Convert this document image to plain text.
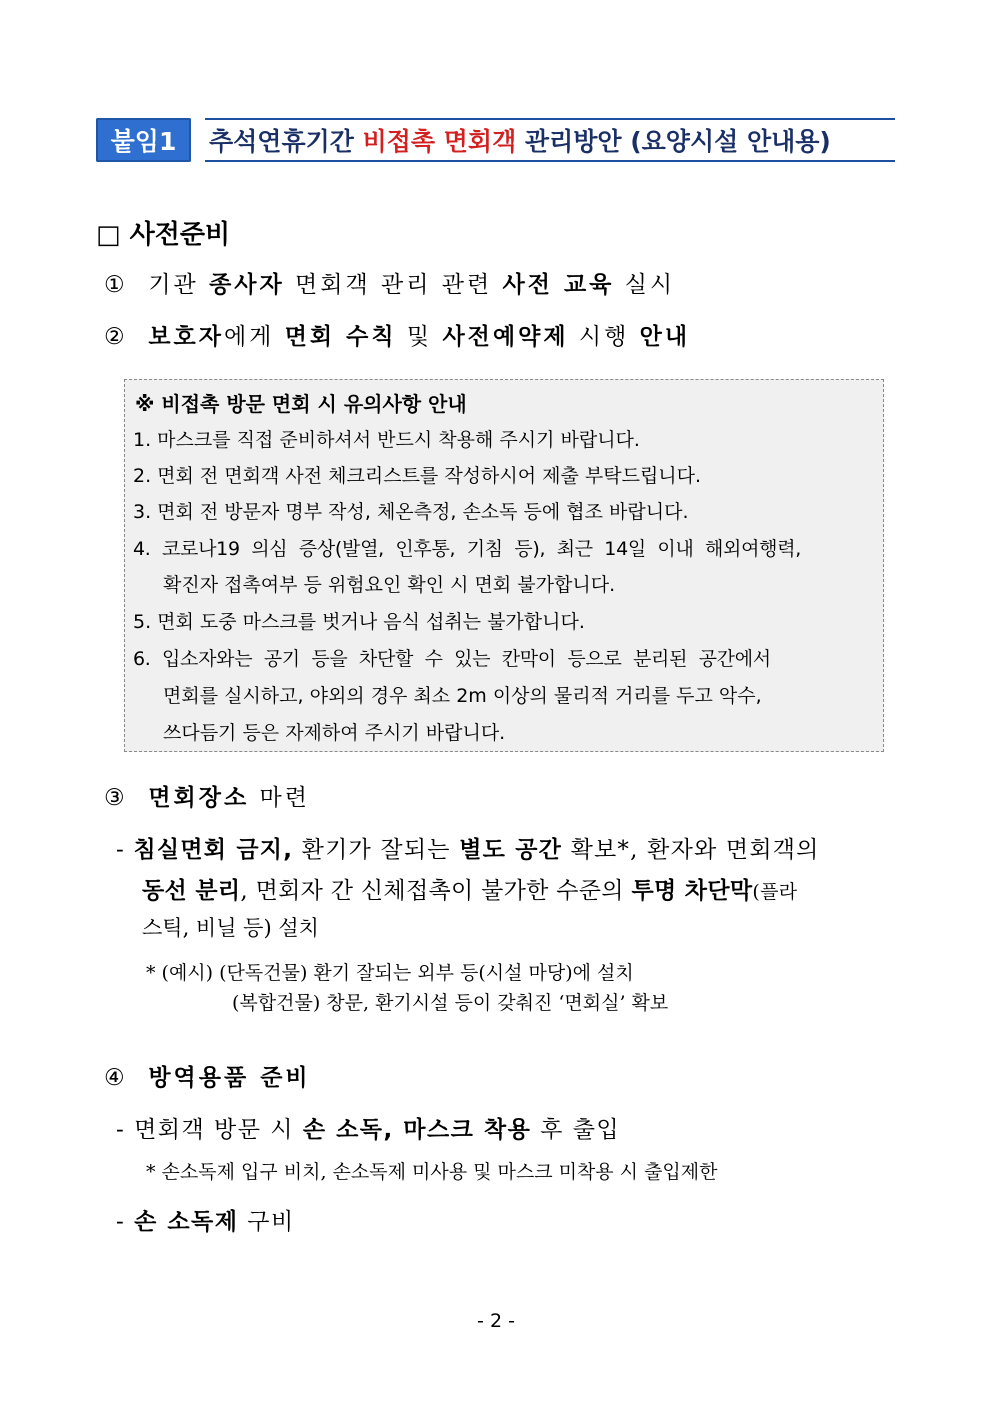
붙임1	추석연휴기간 비접촉 면회객 관리방안 (요양시설 안내용)
□ 사전준비
① 기관 종사자 면회객 관리 관련 사전 교육 실시
② 보호자에게 면회 수칙 및 사전예약제 시행 안내
※ 비접촉 방문 면회 시 유의사항 안내
1. 마스크를 직접 준비하셔서 반드시 착용해 주시기 바랍니다.
2. 면회 전 면회객 사전 체크리스트를 작성하시어 제출 부탁드립니다.
3. 면회 전 방문자 명부 작성, 체온측정, 손소독 등에 협조 바랍니다.
4.  코로나19  의심  증상(발열,  인후통,  기침  등),  최근  14일  이내  해외여행력,
확진자 접촉여부 등 위험요인 확인 시 면회 불가합니다.
5. 면회 도중 마스크를 벗거나 음식 섭취는 불가합니다.
6.  입소자와는  공기  등을  차단할  수  있는  칸막이  등으로  분리된  공간에서
면회를 실시하고, 야외의 경우 최소 2m 이상의 물리적 거리를 두고 악수,
쓰다듬기 등은 자제하여 주시기 바랍니다.
③ 면회장소 마련
- 침실면회 금지, 환기가 잘되는 별도 공간 확보*, 환자와 면회객의
동선 분리, 면회자 간 신체접촉이 불가한 수준의 투명 차단막(플라
스틱, 비닐 등) 설치
* (예시) (단독건물) 환기 잘되는 외부 등(시설 마당)에 설치
(복합건물) 창문, 환기시설 등이 갖춰진 ‘면회실’ 확보
④ 방역용품 준비
- 면회객 방문 시 손 소독, 마스크 착용 후 출입
* 손소독제 입구 비치, 손소독제 미사용 및 마스크 미착용 시 출입제한
- 손 소독제 구비
- 2 -
